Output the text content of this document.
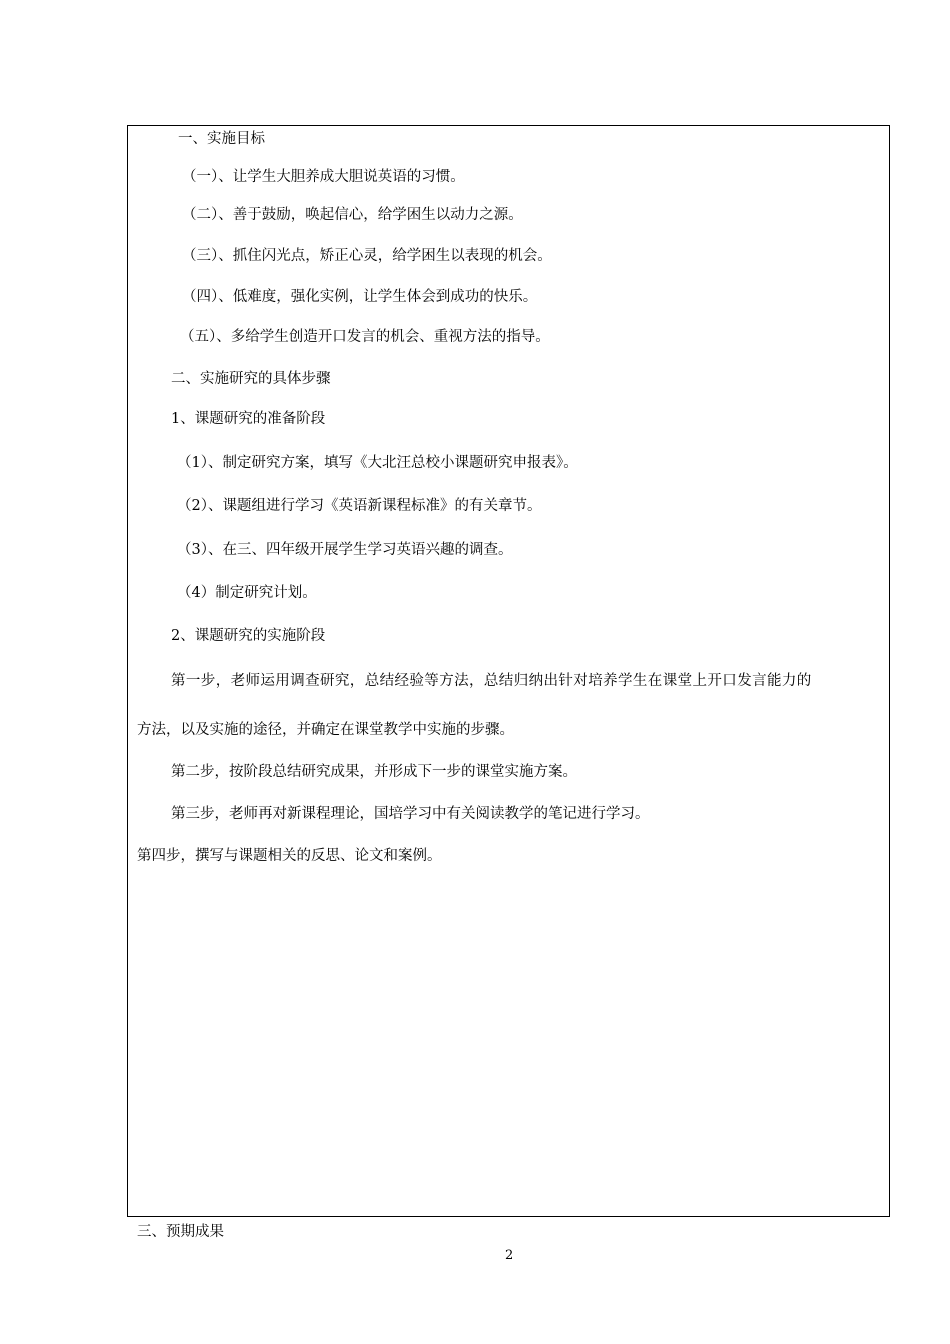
一、实施目标
（一）、让学生大胆养成大胆说英语的习惯。
（二）、善于鼓励，唤起信心，给学困生以动力之源。
（三）、抓住闪光点，矫正心灵，给学困生以表现的机会。
（四）、低难度，强化实例，让学生体会到成功的快乐。
（五）、多给学生创造开口发言的机会、重视方法的指导。
二、实施研究的具体步骤
1、课题研究的准备阶段
（1）、制定研究方案，填写《大北汪总校小课题研究申报表》。
（2）、课题组进行学习《英语新课程标准》的有关章节。
（3）、在三、四年级开展学生学习英语兴趣的调查。
（4）制定研究计划。
2、课题研究的实施阶段
第一步，老师运用调查研究，总结经验等方法，总结归纳出针对培养学生在课堂上开口发言能力的
方法，以及实施的途径，并确定在课堂教学中实施的步骤。
第二步，按阶段总结研究成果，并形成下一步的课堂实施方案。
第三步，老师再对新课程理论，国培学习中有关阅读教学的笔记进行学习。
第四步，撰写与课题相关的反思、论文和案例。
三、预期成果
2
